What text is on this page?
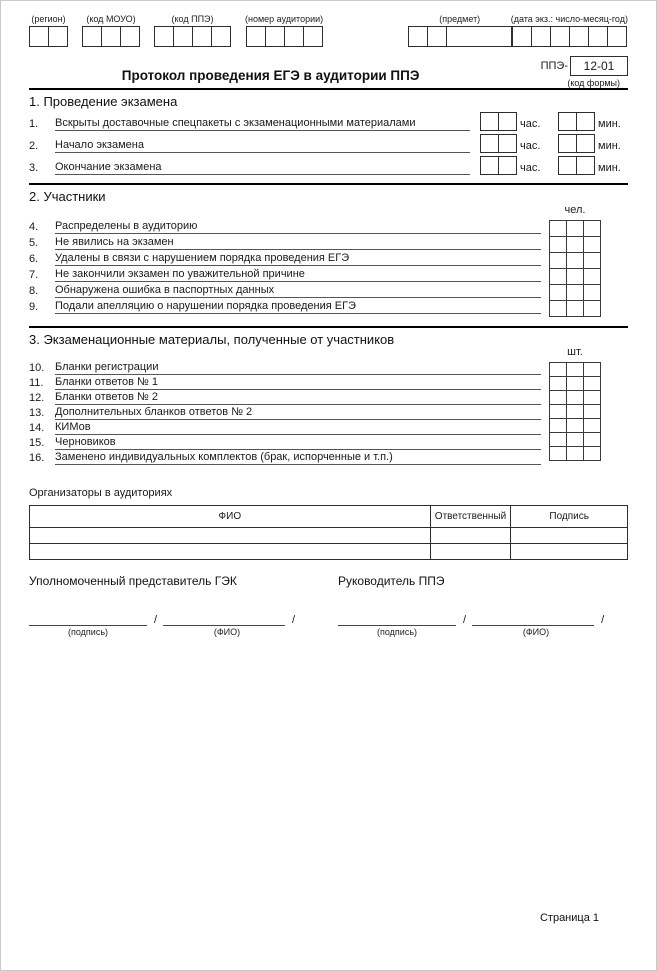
(регион) (код МОУО)	(код ППЭ)	(номер аудитории)	(предмет)	(дата экз.: число-месяц-год)
Протокол проведения ЕГЭ в аудитории ППЭ
ППЭ-	12-01
(код формы)
1. Проведение экзамена
1.	Вскрыты доставочные спецпакеты с экзаменационными материалами	час.	мин.
2.	Начало экзамена	час.	мин.
3.	Окончание экзамена	час.	мин.
2. Участники
чел.

4.	Распределены в аудиторию
5.	Не явились на экзамен
6.	Удалены в связи с нарушением порядка проведения ЕГЭ
7.	Не закончили экзамен по уважительной причине
8.	Обнаружена ошибка в паспортных данных
9.	Подали апелляцию о нарушении порядка проведения ЕГЭ
3. Экзаменационные материалы, полученные от участников
шт.

10. Бланки регистрации
11.	Бланки ответов № 1
12. Бланки ответов № 2
13. Дополнительных бланков ответов № 2
14. КИМов
15. Черновиков
16. Заменено индивидуальных комплектов (брак, испорченные и т.п.)
Организаторы в аудиториях
ФИО	Ответственный	Подпись

Уполномоченный представитель ГЭК	Руководитель ППЭ
/	/
(подпись)	(ФИО)
/	/
(подпись)	(ФИО)
Страница 1
